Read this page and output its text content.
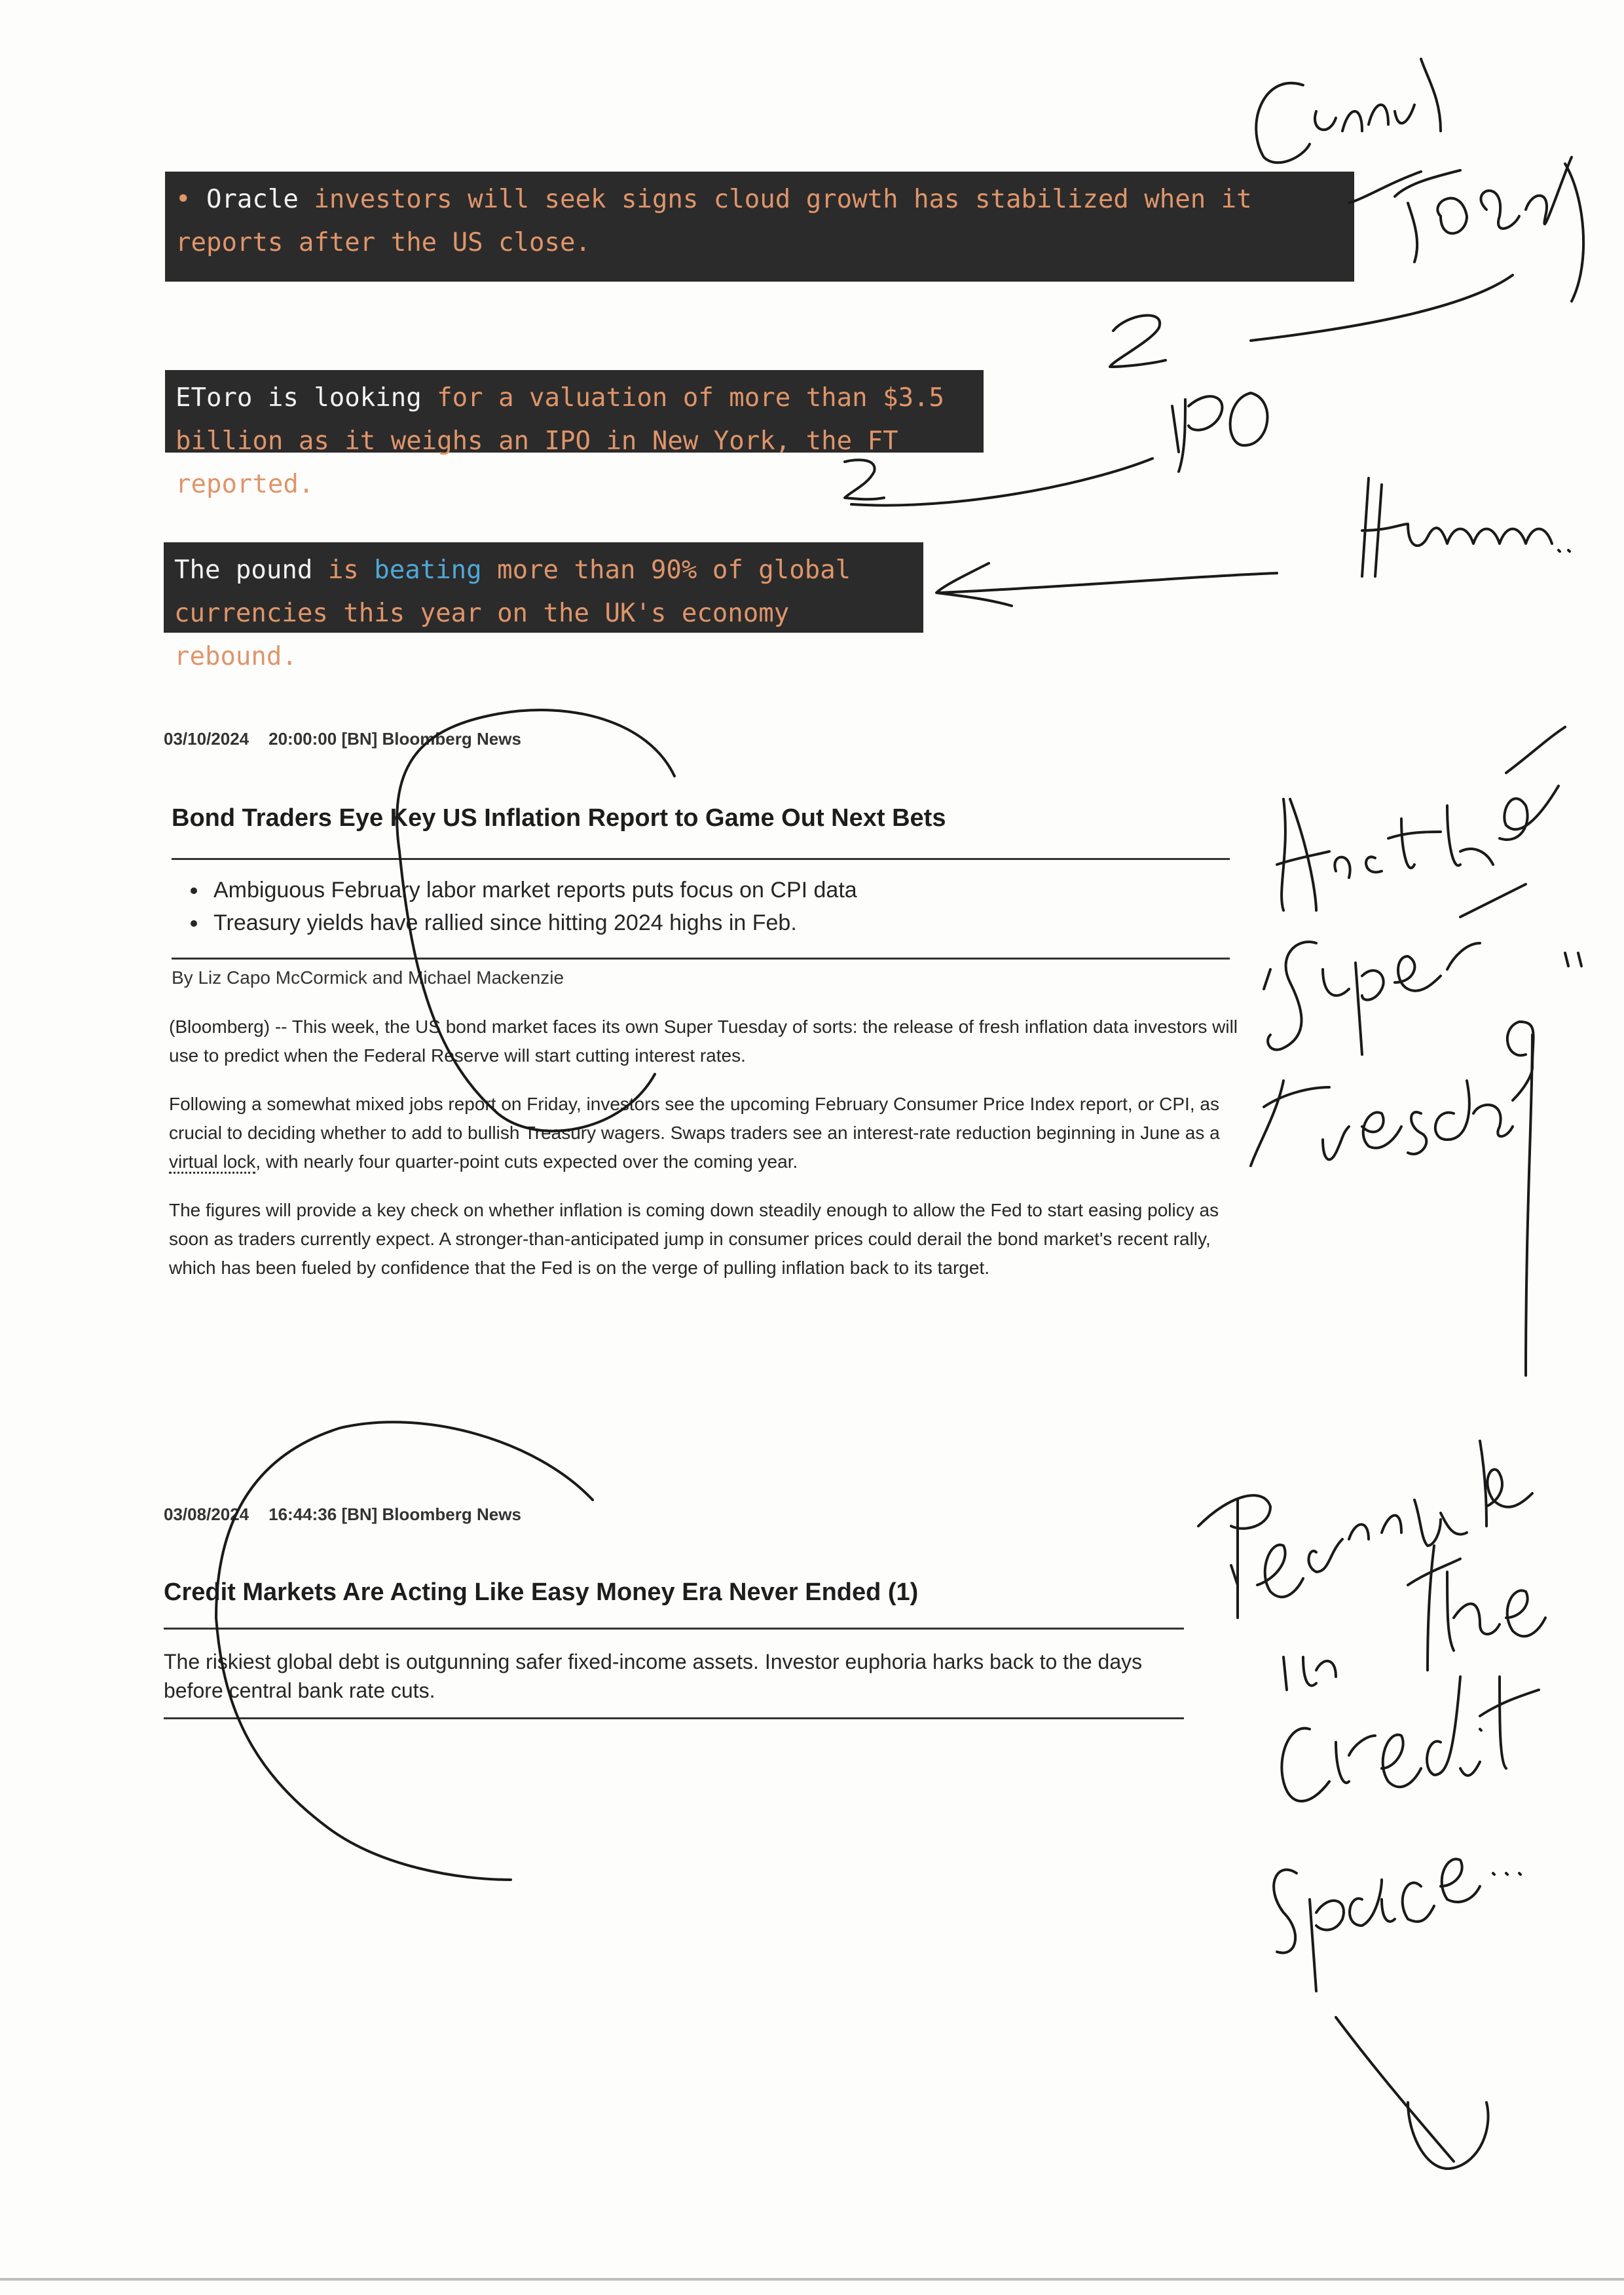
• Oracle investors will seek signs cloud growth has stabilized when it reports after the US close.
EToro is looking for a valuation of more than $3.5 billion as it weighs an IPO in New York, the FT reported.
The pound is beating more than 90% of global currencies this year on the UK's economy rebound.
03/10/2024 20:00:00 [BN] Bloomberg News
Bond Traders Eye Key US Inflation Report to Game Out Next Bets
• Ambiguous February labor market reports puts focus on CPI data
• Treasury yields have rallied since hitting 2024 highs in Feb.
By Liz Capo McCormick and Michael Mackenzie

(Bloomberg) -- This week, the US bond market faces its own Super Tuesday of sorts: the release of fresh inflation data investors will use to predict when the Federal Reserve will start cutting interest rates.

Following a somewhat mixed jobs report on Friday, investors see the upcoming February Consumer Price Index report, or CPI, as crucial to deciding whether to add to bullish Treasury wagers. Swaps traders see an interest-rate reduction beginning in June as a virtual lock, with nearly four quarter-point cuts expected over the coming year.

The figures will provide a key check on whether inflation is coming down steadily enough to allow the Fed to start easing policy as soon as traders currently expect. A stronger-than-anticipated jump in consumer prices could derail the bond market's recent rally, which has been fueled by confidence that the Fed is on the verge of pulling inflation back to its target.

03/08/2024 16:44:36 [BN] Bloomberg News
Credit Markets Are Acting Like Easy Money Era Never Ended (1)

The riskiest global debt is outgunning safer fixed-income assets. Investor euphoria harks back to the days before central bank rate cuts.
